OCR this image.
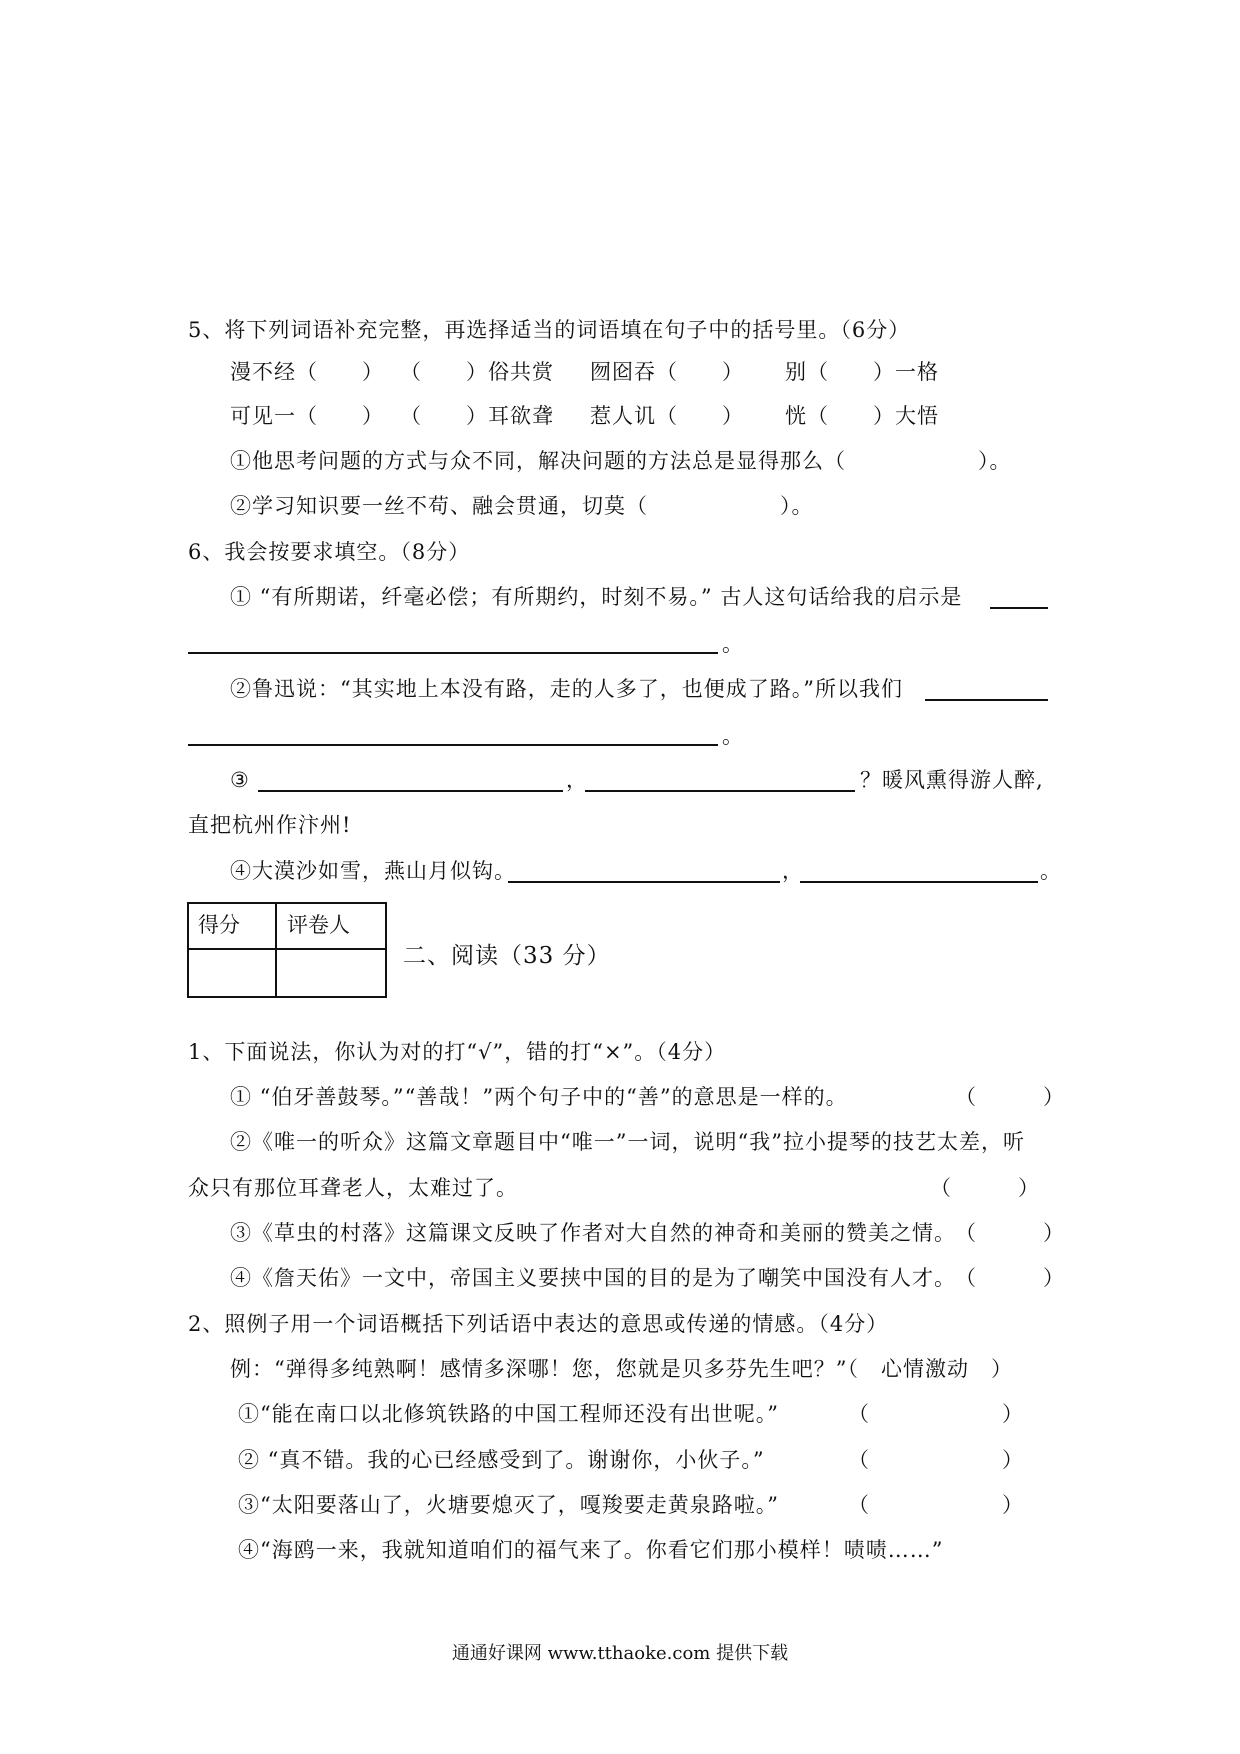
5、将下列词语补充完整，再选择适当的词语填在句子中的括号里。（6分）
漫不经（　　） （　　）俗共赏 囫囵吞（　　） 别（　　）一格
可见一（　　） （　　）耳欲聋 惹人讥（　　） 恍（　　）大悟
①他思考问题的方式与众不同，解决问题的方法总是显得那么（　　　　　　）。
②学习知识要一丝不苟、融会贯通，切莫（　　　　　　）。
6、我会按要求填空。（8分）
① “有所期诺，纤毫必偿；有所期约，时刻不易。” 古人这句话给我的启示是
。
②鲁迅说：“其实地上本没有路，走的人多了，也便成了路。”所以我们
。
③	，	？暖风熏得游人醉,
直把杭州作汴州!
④大漠沙如雪，燕山月似钩。	，	。
得分 评卷人
二、阅读（33 分）
1、下面说法，你认为对的打“√”，错的打“×”。（4分）
① “伯牙善鼓琴。”“善哉！”两个句子中的“善”的意思是一样的。	（　　　）
②《唯一的听众》这篇文章题目中“唯一”一词，说明“我”拉小提琴的技艺太差，听
众只有那位耳聋老人，太难过了。	（　　　）
③《草虫的村落》这篇课文反映了作者对大自然的神奇和美丽的赞美之情。 （　　　）
④《詹天佑》一文中，帝国主义要挟中国的目的是为了嘲笑中国没有人才。 （　　　）
2、照例子用一个词语概括下列话语中表达的意思或传递的情感。（4分）
例：“弹得多纯熟啊！感情多深哪！您，您就是贝多芬先生吧？”（　心情激动　）
①“能在南口以北修筑铁路的中国工程师还没有出世呢。”	（　　　　　　）
② “真不错。我的心已经感受到了。谢谢你，小伙子。”	（　　　　　　）
③“太阳要落山了，火塘要熄灭了，嘎羧要走黄泉路啦。”	（　　　　　　）
④“海鸥一来，我就知道咱们的福气来了。你看它们那小模样！啧啧……”
通通好课网 www.tthaoke.com 提供下载
